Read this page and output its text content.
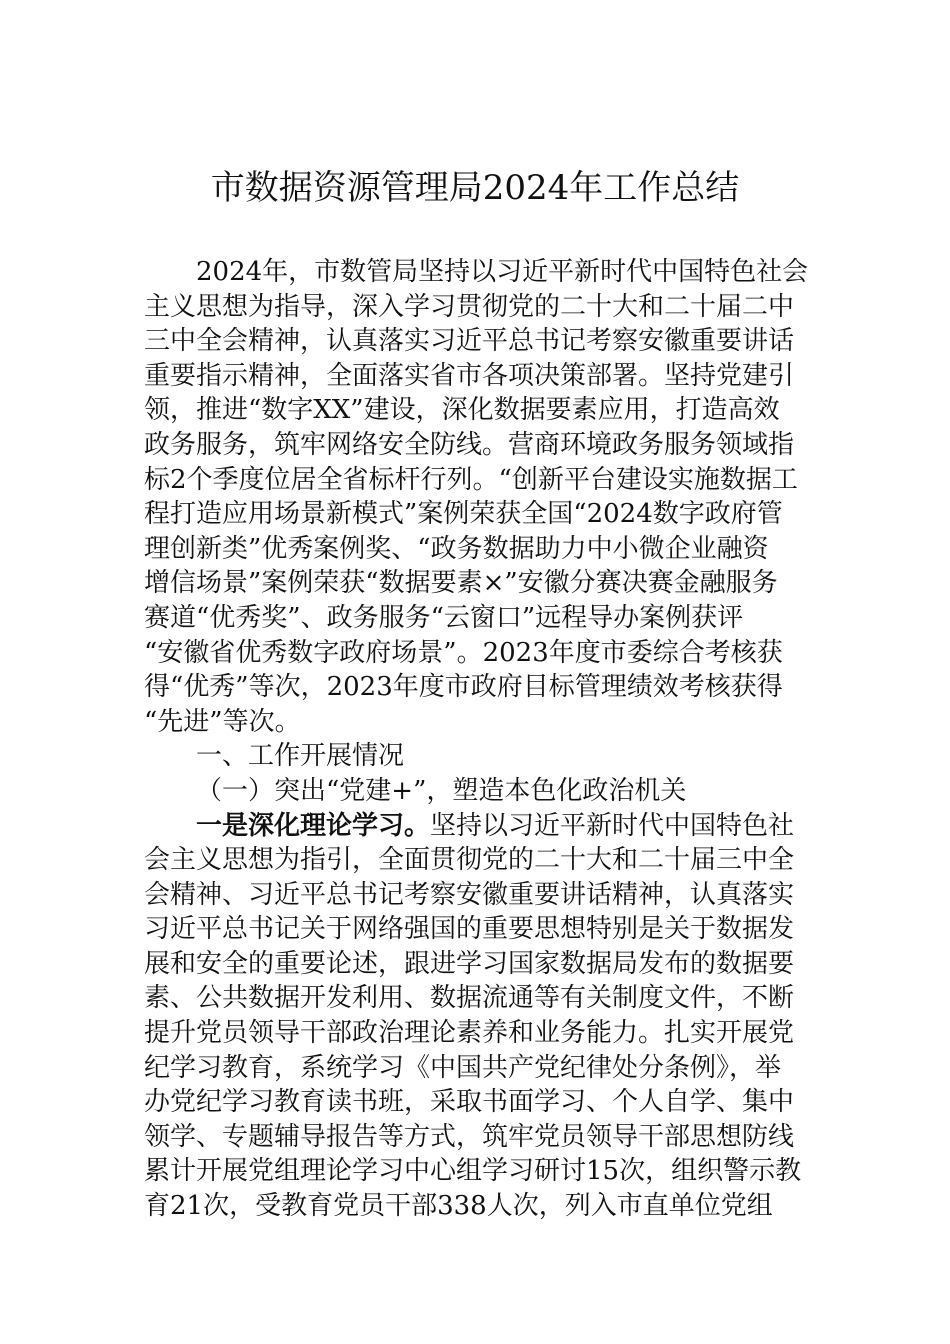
市数据资源管理局2024年工作总结
2024年，市数管局坚持以习近平新时代中国特色社会
主义思想为指导，深入学习贯彻党的二十大和二十届二中
三中全会精神，认真落实习近平总书记考察安徽重要讲话
重要指示精神，全面落实省市各项决策部署。坚持党建引
领，推进“数字XX”建设，深化数据要素应用，打造高效
政务服务，筑牢网络安全防线。营商环境政务服务领域指
标2个季度位居全省标杆行列。“创新平台建设实施数据工
程打造应用场景新模式”案例荣获全国“2024数字政府管
理创新类”优秀案例奖、“政务数据助力中小微企业融资
增信场景”案例荣获“数据要素×”安徽分赛决赛金融服务
赛道“优秀奖”、政务服务“云窗口”远程导办案例获评
“安徽省优秀数字政府场景”。2023年度市委综合考核获
得“优秀”等次，2023年度市政府目标管理绩效考核获得
“先进”等次。
一、工作开展情况
（一）突出“党建+”，塑造本色化政治机关
一是深化理论学习。坚持以习近平新时代中国特色社
会主义思想为指引，全面贯彻党的二十大和二十届三中全
会精神、习近平总书记考察安徽重要讲话精神，认真落实
习近平总书记关于网络强国的重要思想特别是关于数据发
展和安全的重要论述，跟进学习国家数据局发布的数据要
素、公共数据开发利用、数据流通等有关制度文件，不断
提升党员领导干部政治理论素养和业务能力。扎实开展党
纪学习教育，系统学习《中国共产党纪律处分条例》，举
办党纪学习教育读书班，采取书面学习、个人自学、集中
领学、专题辅导报告等方式，筑牢党员领导干部思想防线
累计开展党组理论学习中心组学习研讨15次，组织警示教
育21次，受教育党员干部338人次，列入市直单位党组
